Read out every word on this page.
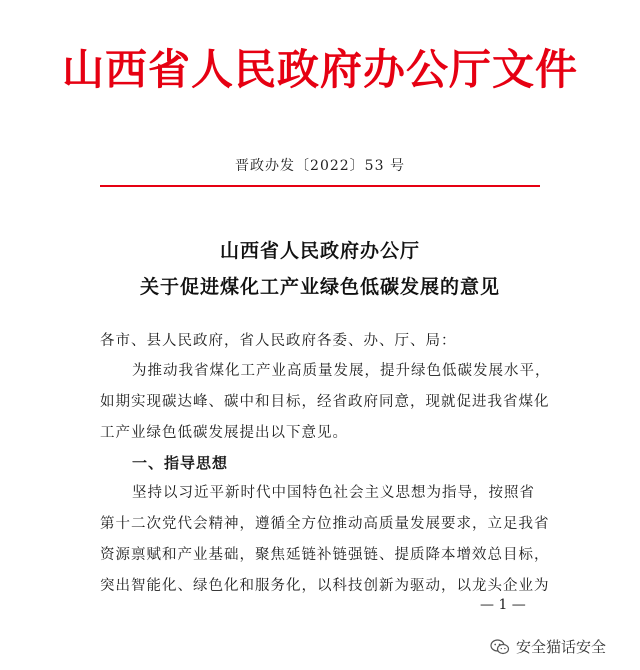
山西省人民政府办公厅文件
晋政办发〔2022〕53 号
山西省人民政府办公厅
关于促进煤化工产业绿色低碳发展的意见
各市、县人民政府，省人民政府各委、办、厅、局：
为推动我省煤化工产业高质量发展，提升绿色低碳发展水平，
如期实现碳达峰、碳中和目标，经省政府同意，现就促进我省煤化
工产业绿色低碳发展提出以下意见。
一、指导思想
坚持以习近平新时代中国特色社会主义思想为指导，按照省
第十二次党代会精神，遵循全方位推动高质量发展要求，立足我省
资源禀赋和产业基础，聚焦延链补链强链、提质降本增效总目标，
突出智能化、绿色化和服务化，以科技创新为驱动，以龙头企业为
— 1 —
安全猫话安全
